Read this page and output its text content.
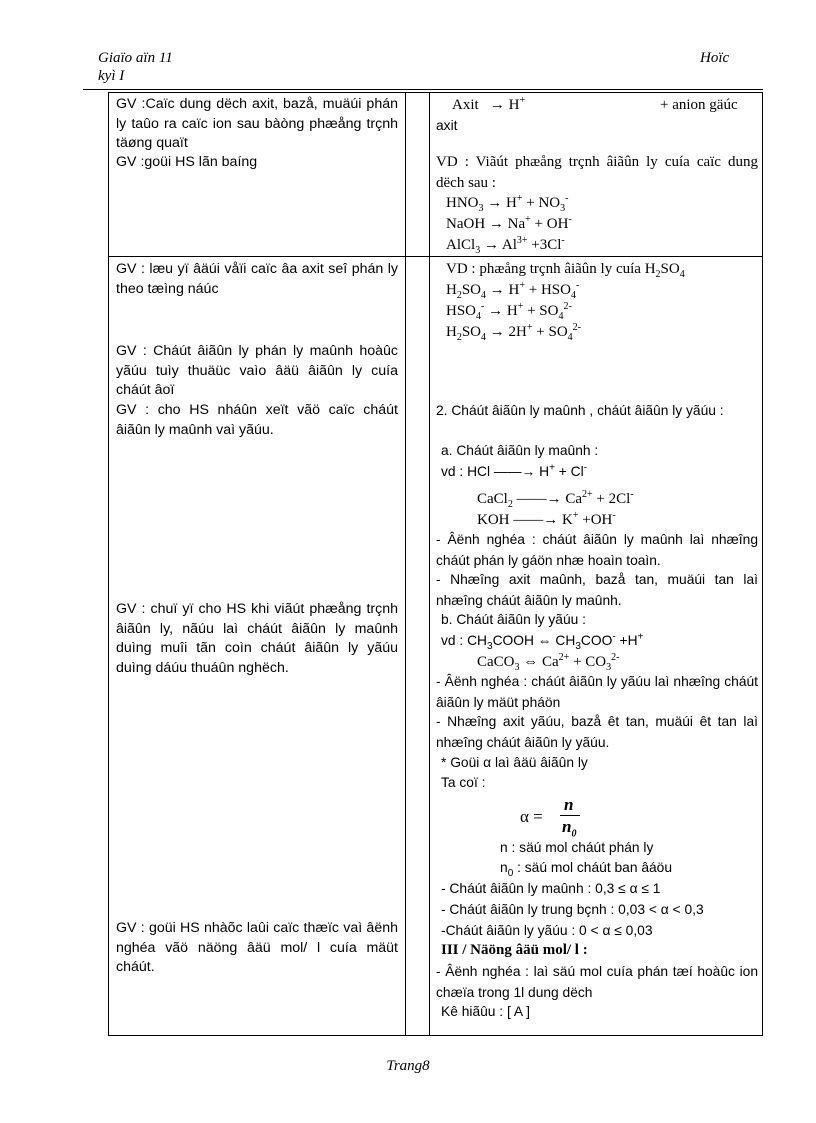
Giaïo aïn 11
kyì I
Hoïc
GV :Caïc dung dëch axit, bazå, muäúi phán ly taûo ra caïc ion sau bàòng phæång trçnh täøng quaït
GV :goüi HS lãn baíng
GV : læu yï âäúi våïi caïc âa axit seî phán ly theo tæìng náúc
GV : Cháút âiãûn ly phán ly maûnh hoàûc yãúu tuìy thuäüc vaìo âäü âiãûn ly cuía cháút âoï
GV : cho HS nháûn xeït vãö caïc cháút âiãûn ly maûnh vaì yãúu.
GV : chuï yï cho HS khi viãút phæång trçnh âiãûn ly, nãúu laì cháút âiãûn ly maûnh duìng muîi tãn coìn cháút âiãûn ly yãúu duìng dáúu thuáûn nghëch.
GV : goüi HS nhàõc laûi caïc thæïc vaì âënh nghéa vãö näöng âäü mol/ l cuía mäüt cháút.
Axit   → H+	+ anion gäúc
axit
VD : Viãút phæång trçnh âiãûn ly cuía caïc dung dëch sau :
$HNO_3 \to H^+ + NO_3^-$
NaOH → Na+ + OH-
AlCl$_3$ → $Al^{3+} +3Cl^-$
VD : phæång trçnh âiãûn ly cuía $H_2SO_4$
$H_2SO_4 \to H^+ + HSO_4^-$
$HSO_4^- \to H^+ + SO_4^{2-}$
$H_2SO_4 \to 2H^+ + SO_4^{2-}$
2. Cháút âiãûn ly maûnh , cháút âiãûn ly yãúu :
a. Cháút âiãûn ly maûnh :
vd : HCl ——→ H+ + Cl-
CaCl$_2$ ——→ $Ca^{2+} + 2Cl^-$
KOH ——→ K+ +OH-
- Âënh nghéa : cháút âiãûn ly maûnh laì nhæîng cháút phán ly gáön nhæ hoaìn toaìn.
- Nhæîng axit maûnh, bazå tan, muäúi tan laì nhæîng cháút âiãûn ly maûnh.
b. Cháút âiãûn ly yãúu :
vd : $CH_3COOH$ ⇔ $CH_3COO^- +H^+$
CaCO$_3$ ⇔ $Ca^{2+} + CO_3^{2-}$
- Âënh nghéa : cháút âiãûn ly yãúu laì nhæîng cháút âiãûn ly mäüt pháön
- Nhæîng axit yãúu, bazå êt tan, muäúi êt tan laì nhæîng cháút âiãûn ly yãúu.
* Goüi α laì âäü âiãûn ly
Ta coï :
α =
n
$n_0$
n : säú mol cháút phán ly
$n_0$ : säú mol cháút ban âáöu
- Cháút âiãûn ly maûnh : 0,3 ≤ α ≤ 1
- Cháút âiãûn ly trung bçnh : 0,03 < α < 0,3
-Cháút âiãûn ly yãúu : 0 < α ≤ 0,03
III / Näöng âäü mol/ l :
- Âënh nghéa : laì säú mol cuía phán tæí hoàûc ion chæïa trong 1l dung dëch
Kê hiãûu : [ A ]
Trang8
